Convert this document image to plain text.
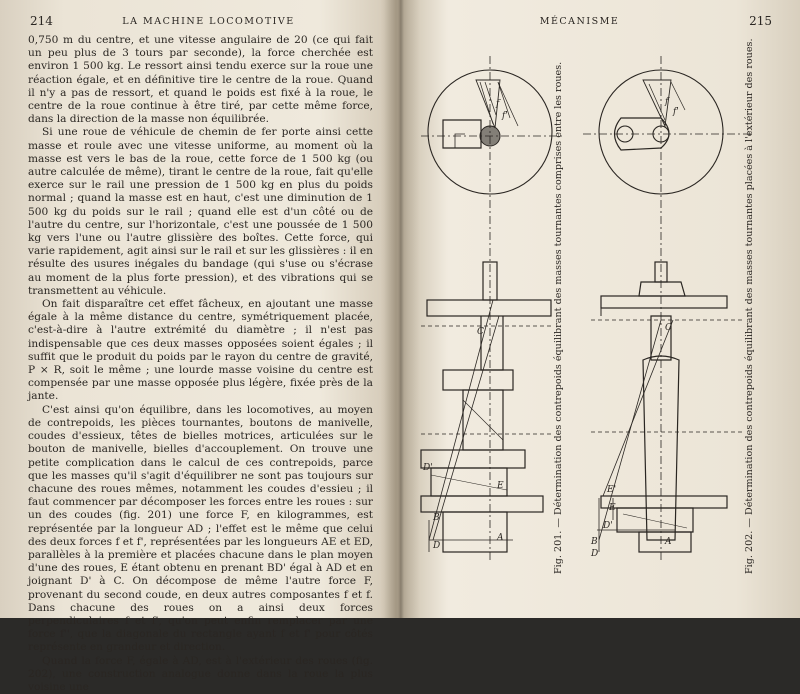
214	LA MACHINE LOCOMOTIVE

0,750 m du centre, et une vitesse angulaire de 20 (ce qui fait un peu plus de 3 tours par seconde), la force cherchée est environ 1 500 kg. Le ressort ainsi tendu exerce sur la roue une réaction égale, et en définitive tire le centre de la roue. Quand il n'y a pas de ressort, et quand le poids est fixé à la roue, le centre de la roue continue à être tiré, par cette même force, dans la direction de la masse non équilibrée.

Si une roue de véhicule de chemin de fer porte ainsi cette masse et roule avec une vitesse uniforme, au moment où la masse est vers le bas de la roue, cette force de 1 500 kg (ou autre calculée de même), tirant le centre de la roue, fait qu'elle exerce sur le rail une pression de 1 500 kg en plus du poids normal ; quand la masse est en haut, c'est une diminution de 1 500 kg du poids sur le rail ; quand elle est d'un côté ou de l'autre du centre, sur l'horizontale, c'est une poussée de 1 500 kg vers l'une ou l'autre glissière des boîtes. Cette force, qui varie rapidement, agit ainsi sur le rail et sur les glissières : il en résulte des usures inégales du bandage (qui s'use ou s'écrase au moment de la plus forte pression), et des vibrations qui se transmettent au véhicule.

On fait disparaître cet effet fâcheux, en ajoutant une masse égale à la même distance du centre, symétriquement placée, c'est-à-dire à l'autre extrémité du diamètre ; il n'est pas indispensable que ces deux masses opposées soient égales ; il suffit que le produit du poids par le rayon du centre de gravité, P × R, soit le même ; une lourde masse voisine du centre est compensée par une masse opposée plus légère, fixée près de la jante.

C'est ainsi qu'on équilibre, dans les locomotives, au moyen de contrepoids, les pièces tournantes, boutons de manivelle, coudes d'essieux, têtes de bielles motrices, articulées sur le bouton de manivelle, bielles d'accouplement. On trouve une petite complication dans le calcul de ces contrepoids, parce que les masses qu'il s'agit d'équilibrer ne sont pas toujours sur chacune des roues mêmes, notamment les coudes d'essieu ; il faut commencer par décomposer les forces entre les roues : sur un des coudes (fig. 201) une force F, en kilogrammes, est représentée par la longueur AD ; l'effet est le même que celui des deux forces f et f', représentées par les longueurs AE et ED, parallèles à la première et placées chacune dans le plan moyen d'une des roues, E étant obtenu en prenant BD' égal à AD et en joignant D' à C. On décompose de même l'autre force F, provenant du second coude, en deux autres composantes f et f. Dans chacune des roues on a ainsi deux forces perpendiculaires f et f', qu'on peut enfin remplacer par une force f'', que la diagonale du rectangle ayant f et f' pour côtés représente en grandeur et direction.

Quand la force F, égale à AD, est à l'extérieur des roues (fig. 202), une construction analogue donne dans la roue la plus voisine une

MÉCANISME	215
E
A
C
D
B
D'
f
f'
E'
E
B
D
D'
A
C
f
f'
Fig. 201. — Détermination des contrepoids équilibrant des masses tournantes comprises entre les roues.	Fig. 202. — Détermination des contrepoids équilibrant des masses tournantes placées à l'extérieur des roues.
